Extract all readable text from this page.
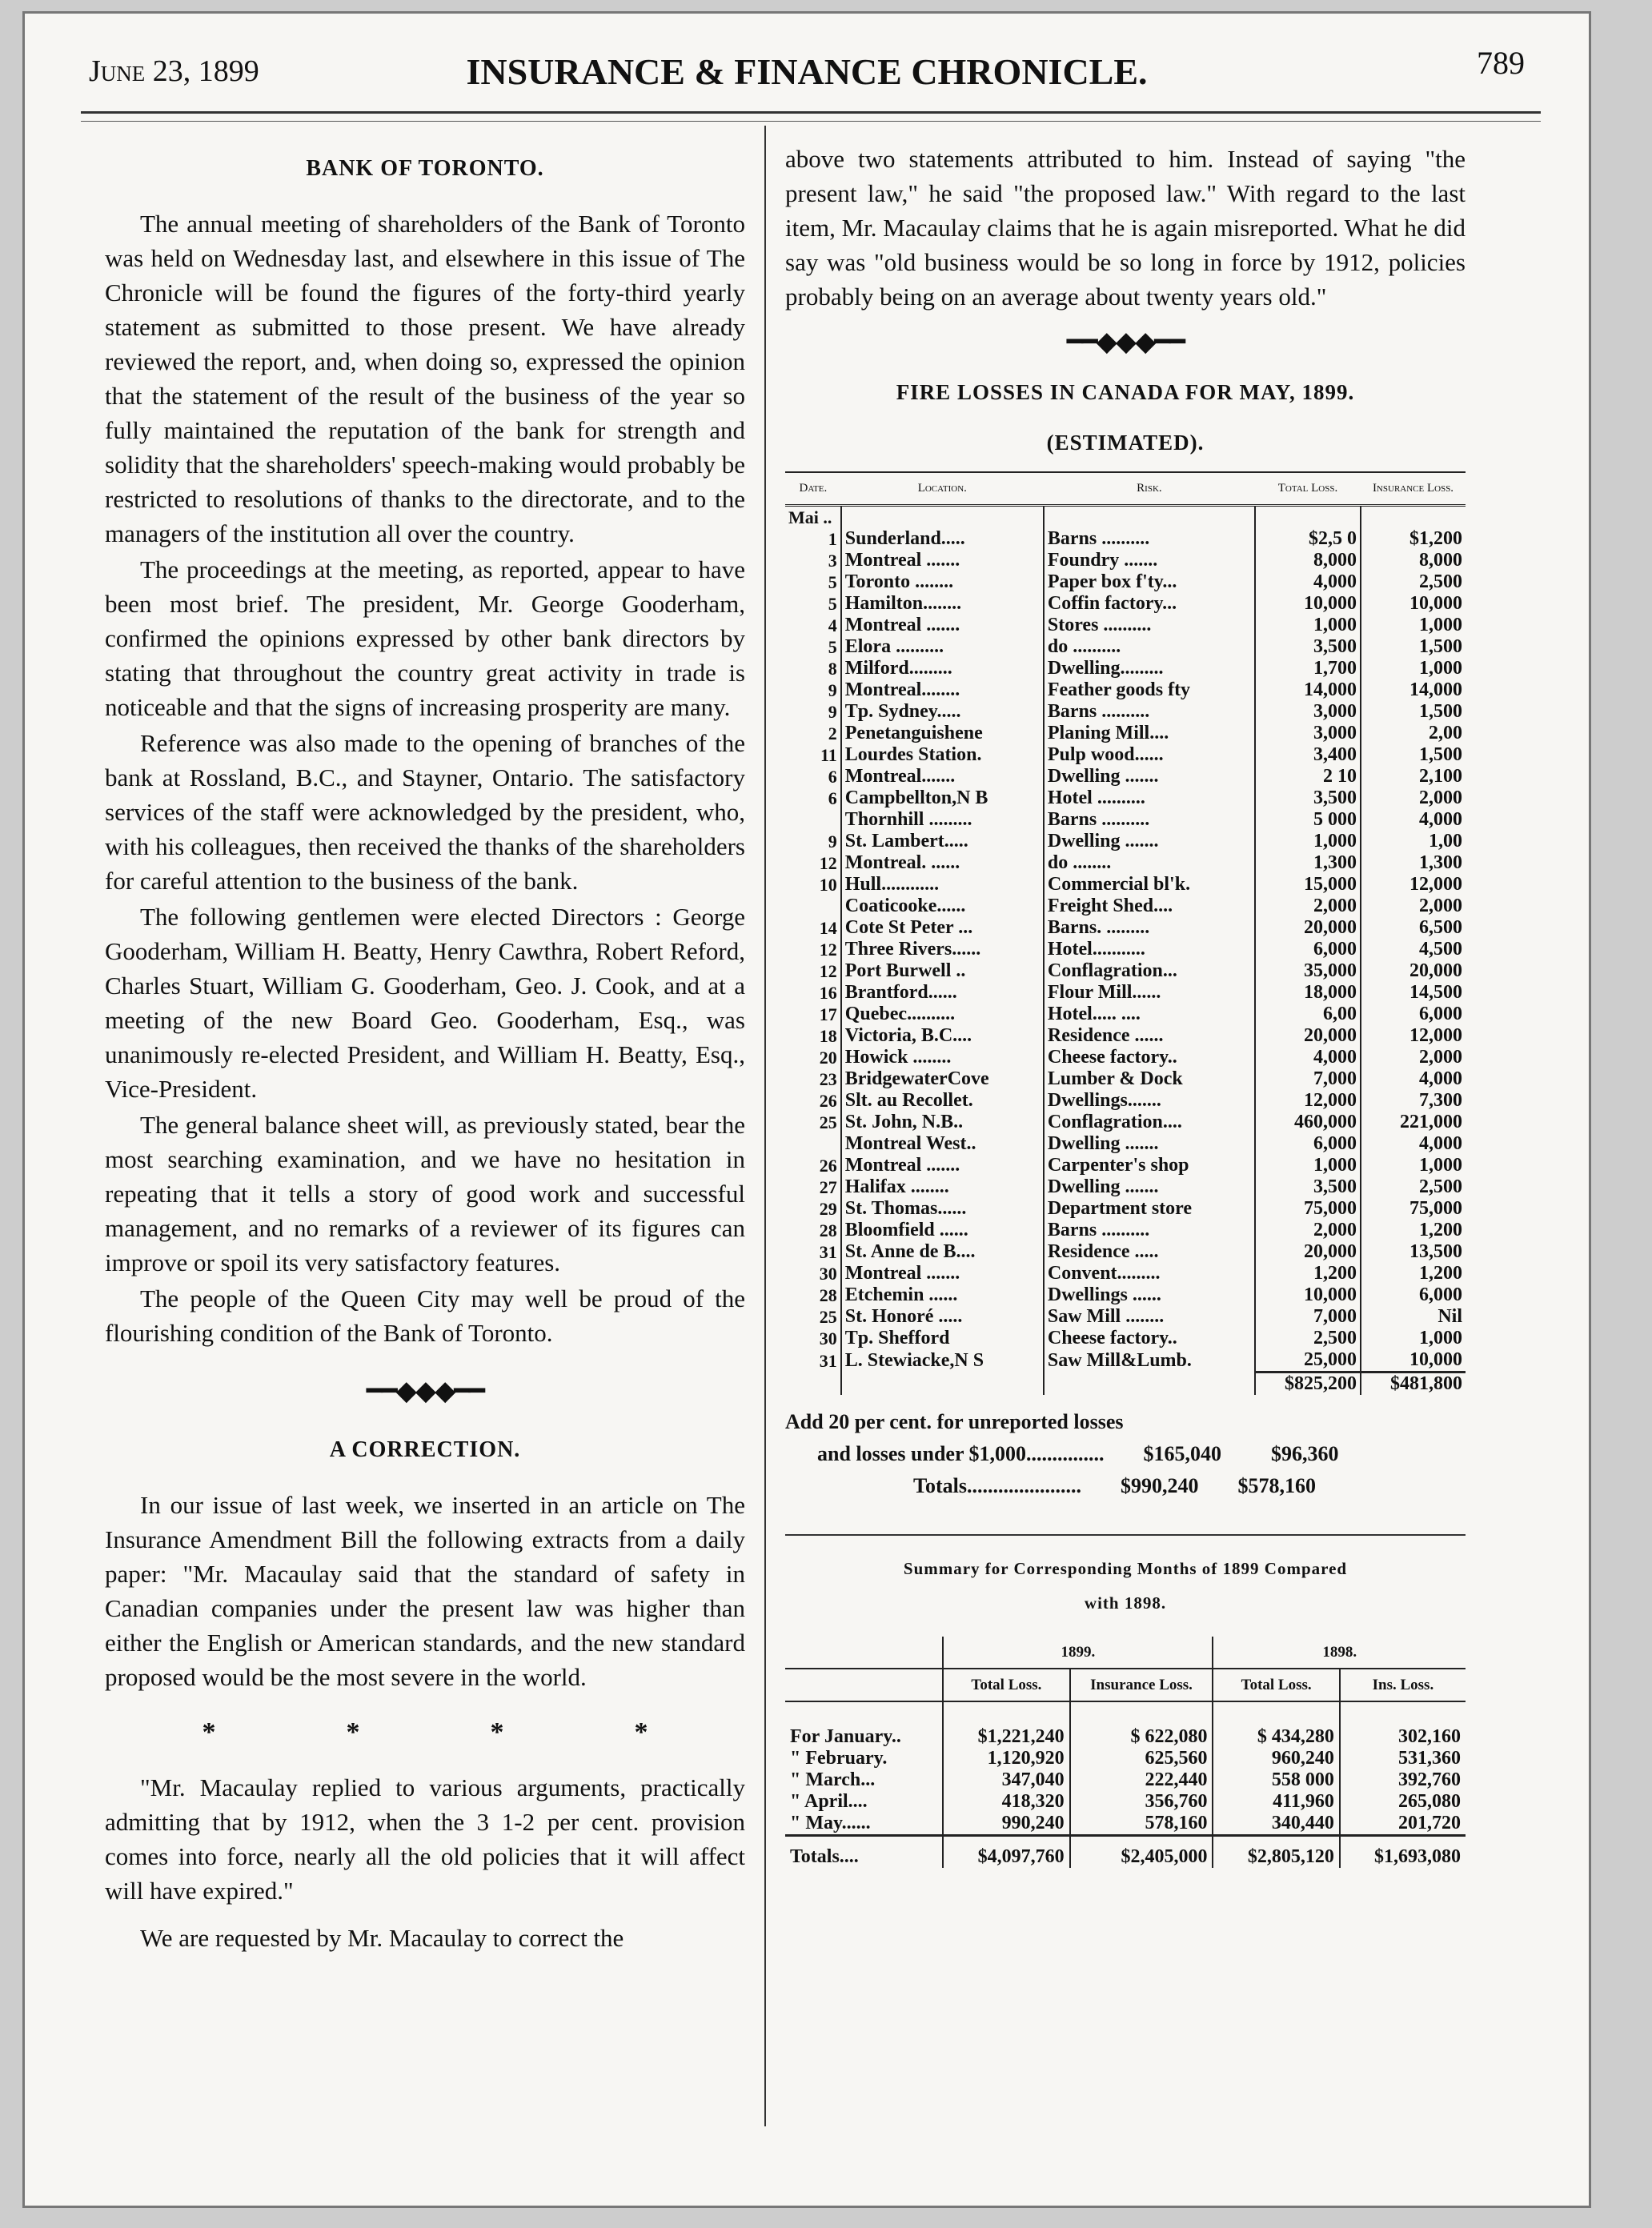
June 23, 1899	INSURANCE & FINANCE CHRONICLE.	789
BANK OF TORONTO.

The annual meeting of shareholders of the Bank of Toronto was held on Wednesday last, and elsewhere in this issue of The Chronicle will be found the figures of the forty-third yearly statement as submitted to those present. We have already reviewed the report, and, when doing so, expressed the opinion that the statement of the result of the business of the year so fully maintained the reputation of the bank for strength and solidity that the shareholders' speech-making would probably be restricted to resolutions of thanks to the directorate, and to the managers of the institution all over the country.

The proceedings at the meeting, as reported, appear to have been most brief. The president, Mr. George Gooderham, confirmed the opinions expressed by other bank directors by stating that throughout the country great activity in trade is noticeable and that the signs of increasing prosperity are many.

Reference was also made to the opening of branches of the bank at Rossland, B.C., and Stayner, Ontario. The satisfactory services of the staff were acknowledged by the president, who, with his colleagues, then received the thanks of the shareholders for careful attention to the business of the bank.

The following gentlemen were elected Directors : George Gooderham, William H. Beatty, Henry Cawthra, Robert Reford, Charles Stuart, William G. Gooderham, Geo. J. Cook, and at a meeting of the new Board Geo. Gooderham, Esq., was unanimously re-elected President, and William H. Beatty, Esq., Vice-President.

The general balance sheet will, as previously stated, bear the most searching examination, and we have no hesitation in repeating that it tells a story of good work and successful management, and no remarks of a reviewer of its figures can improve or spoil its very satisfactory features.

The people of the Queen City may well be proud of the flourishing condition of the Bank of Toronto.

━━◆◆◆━━
A CORRECTION.

In our issue of last week, we inserted in an article on The Insurance Amendment Bill the following extracts from a daily paper: "Mr. Macaulay said that the standard of safety in Canadian companies under the present law was higher than either the English or American standards, and the new standard proposed would be the most severe in the world.

*	*	*	*

"Mr. Macaulay replied to various arguments, practically admitting that by 1912, when the 3 1-2 per cent. provision comes into force, nearly all the old policies that it will affect will have expired."

We are requested by Mr. Macaulay to correct the

above two statements attributed to him. Instead of saying "the present law," he said "the proposed law." With regard to the last item, Mr. Macaulay claims that he is again misreported. What he did say was "old business would be so long in force by 1912, policies probably being on an average about twenty years old."

━━◆◆◆━━
FIRE LOSSES IN CANADA FOR MAY, 1899.
(ESTIMATED).
Date.	Location.	Risk.	Total Loss.	Insurance Loss.
Mai ..				
1	Sunderland.....	Barns ..........	$2,5 0	$1,200
3	Montreal .......	Foundry .......	8,000	8,000
5	Toronto ........	Paper box f'ty...	4,000	2,500
5	Hamilton........	Coffin factory...	10,000	10,000
4	Montreal .......	Stores ..........	1,000	1,000
5	Elora ..........	do ..........	3,500	1,500
8	Milford.........	Dwelling.........	1,700	1,000
9	Montreal........	Feather goods fty	14,000	14,000
9	Tp. Sydney.....	Barns ..........	3,000	1,500
2	Penetanguishene	Planing Mill....	3,000	2,00
11	Lourdes Station.	Pulp wood......	3,400	1,500
6	Montreal.......	Dwelling .......	2 10	2,100
6	Campbellton,N B	Hotel ..........	3,500	2,000
	Thornhill .........	Barns ..........	5 000	4,000
9	St. Lambert.....	Dwelling .......	1,000	1,00
12	Montreal. ......	do ........	1,300	1,300
10	Hull............	Commercial bl'k.	15,000	12,000
	Coaticooke......	Freight Shed....	2,000	2,000
14	Cote St Peter ...	Barns. .........	20,000	6,500
12	Three Rivers......	Hotel...........	6,000	4,500
12	Port Burwell ..	Conflagration...	35,000	20,000
16	Brantford......	Flour Mill......	18,000	14,500
17	Quebec..........	Hotel..... ....	6,00	6,000
18	Victoria, B.C....	Residence ......	20,000	12,000
20	Howick ........	Cheese factory..	4,000	2,000
23	BridgewaterCove	Lumber & Dock	7,000	4,000
26	Slt. au Recollet.	Dwellings.......	12,000	7,300
25	St. John, N.B..	Conflagration....	460,000	221,000
	Montreal West..	Dwelling .......	6,000	4,000
26	Montreal .......	Carpenter's shop	1,000	1,000
27	Halifax ........	Dwelling .......	3,500	2,500
29	St. Thomas......	Department store	75,000	75,000
28	Bloomfield ......	Barns ..........	2,000	1,200
31	St. Anne de B....	Residence .....	20,000	13,500
30	Montreal .......	Convent.........	1,200	1,200
28	Etchemin ......	Dwellings ......	10,000	6,000
25	St. Honoré .....	Saw Mill ........	7,000	Nil
30	Tp. Shefford	Cheese factory..	2,500	1,000
31	L. Stewiacke,N S	Saw Mill&Lumb.	25,000	10,000
			$825,200	$481,800
Add 20 per cent. for unreported losses
and losses under $1,000............... $165,040 $96,360
Totals...................... $990,240 $578,160
Summary for Corresponding Months of 1899 Compared
with 1898.
	1899.		1898.	
	Total Loss.	Insurance Loss.	Total Loss.	Ins. Loss.
For January..	$1,221,240	$ 622,080	$ 434,280	302,160
" February.	1,120,920	625,560	960,240	531,360
" March...	347,040	222,440	558 000	392,760
" April....	418,320	356,760	411,960	265,080
" May......	990,240	578,160	340,440	201,720
Totals....	$4,097,760	$2,405,000	$2,805,120	$1,693,080
